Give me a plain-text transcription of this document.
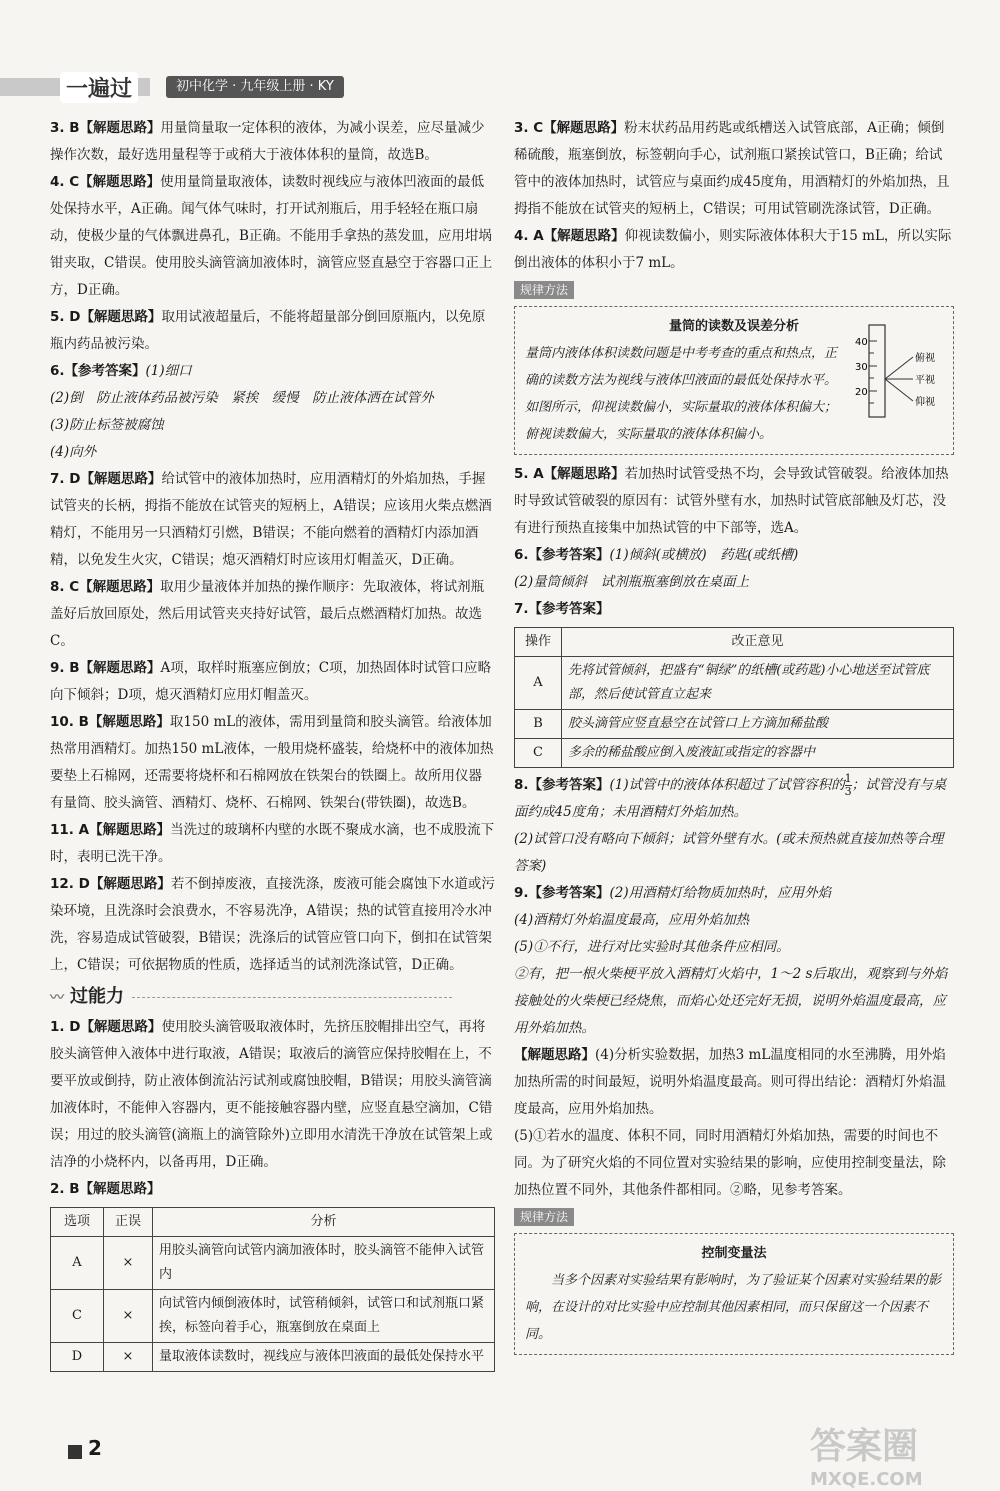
一遍过	初中化学 · 九年级上册 · KY

3. B【解题思路】用量筒量取一定体积的液体，为减小误差，应尽量减少操作次数，最好选用量程等于或稍大于液体体积的量筒，故选B。

4. C【解题思路】使用量筒量取液体，读数时视线应与液体凹液面的最低处保持水平，A正确。闻气体气味时，打开试剂瓶后，用手轻轻在瓶口扇动，使极少量的气体飘进鼻孔，B正确。不能用手拿热的蒸发皿，应用坩埚钳夹取，C错误。使用胶头滴管滴加液体时，滴管应竖直悬空于容器口正上方，D正确。

5. D【解题思路】取用试液超量后，不能将超量部分倒回原瓶内，以免原瓶内药品被污染。

6.【参考答案】(1)细口

(2)倒　防止液体药品被污染　紧挨　缓慢　防止液体洒在试管外

(3)防止标签被腐蚀

(4)向外

7. D【解题思路】给试管中的液体加热时，应用酒精灯的外焰加热，手握试管夹的长柄，拇指不能放在试管夹的短柄上，A错误；应该用火柴点燃酒精灯，不能用另一只酒精灯引燃，B错误；不能向燃着的酒精灯内添加酒精，以免发生火灾，C错误；熄灭酒精灯时应该用灯帽盖灭，D正确。

8. C【解题思路】取用少量液体并加热的操作顺序：先取液体，将试剂瓶盖好后放回原处，然后用试管夹夹持好试管，最后点燃酒精灯加热。故选C。

9. B【解题思路】A项，取样时瓶塞应倒放；C项，加热固体时试管口应略向下倾斜；D项，熄灭酒精灯应用灯帽盖灭。

10. B【解题思路】取150 mL的液体，需用到量筒和胶头滴管。给液体加热常用酒精灯。加热150 mL液体，一般用烧杯盛装，给烧杯中的液体加热要垫上石棉网，还需要将烧杯和石棉网放在铁架台的铁圈上。故所用仪器有量筒、胶头滴管、酒精灯、烧杯、石棉网、铁架台(带铁圈)，故选B。

11. A【解题思路】当洗过的玻璃杯内壁的水既不聚成水滴，也不成股流下时，表明已洗干净。

12. D【解题思路】若不倒掉废液，直接洗涤，废液可能会腐蚀下水道或污染环境，且洗涤时会浪费水，不容易洗净，A错误；热的试管直接用冷水冲洗，容易造成试管破裂，B错误；洗涤后的试管应管口向下，倒扣在试管架上，C错误；可依据物质的性质，选择适当的试剂洗涤试管，D正确。

〰 过能力

1. D【解题思路】使用胶头滴管吸取液体时，先挤压胶帽排出空气，再将胶头滴管伸入液体中进行取液，A错误；取液后的滴管应保持胶帽在上，不要平放或倒持，防止液体倒流沾污试剂或腐蚀胶帽，B错误；用胶头滴管滴加液体时，不能伸入容器内，更不能接触容器内壁，应竖直悬空滴加，C错误；用过的胶头滴管(滴瓶上的滴管除外)立即用水清洗干净放在试管架上或洁净的小烧杯内，以备再用，D正确。

2. B【解题思路】

选项	正误	分析
A	×	用胶头滴管向试管内滴加液体时，胶头滴管不能伸入试管内
C	×	向试管内倾倒液体时，试管稍倾斜，试管口和试剂瓶口紧挨，标签向着手心，瓶塞倒放在桌面上
D	×	量取液体读数时，视线应与液体凹液面的最低处保持水平

3. C【解题思路】粉末状药品用药匙或纸槽送入试管底部，A正确；倾倒稀硫酸，瓶塞倒放，标签朝向手心，试剂瓶口紧挨试管口，B正确；给试管中的液体加热时，试管应与桌面约成45度角，用酒精灯的外焰加热，且拇指不能放在试管夹的短柄上，C错误；可用试管刷洗涤试管，D正确。

4. A【解题思路】仰视读数偏小，则实际液体体积大于15 mL，所以实际倒出液体的体积小于7 mL。

规律方法
量筒的读数及误差分析
量筒内液体体积读数问题是中考考查的重点和热点，正确的读数方法为视线与液体凹液面的最低处保持水平。如图所示，仰视读数偏小，实际量取的液体体积偏大；俯视读数偏大，实际量取的液体体积偏小。
40
30
20
俯视
平视
仰视

5. A【解题思路】若加热时试管受热不均，会导致试管破裂。给液体加热时导致试管破裂的原因有：试管外壁有水，加热时试管底部触及灯芯，没有进行预热直接集中加热试管的中下部等，选A。

6.【参考答案】(1)倾斜(或横放)　药匙(或纸槽)

(2)量筒倾斜　试剂瓶瓶塞倒放在桌面上

7.【参考答案】

操作	改正意见
A	先将试管倾斜，把盛有“铜绿”的纸槽(或药匙)小心地送至试管底部，然后使试管直立起来
B	胶头滴管应竖直悬空在试管口上方滴加稀盐酸
C	多余的稀盐酸应倒入废液缸或指定的容器中

8.【参考答案】(1)试管中的液体体积超过了试管容积的 $\frac{1}{3}$ ；试管没有与桌面约成45度角；未用酒精灯外焰加热。

(2)试管口没有略向下倾斜；试管外壁有水。(或未预热就直接加热等合理答案)

9.【参考答案】(2)用酒精灯给物质加热时，应用外焰

(4)酒精灯外焰温度最高，应用外焰加热

(5)①不行，进行对比实验时其他条件应相同。

②有，把一根火柴梗平放入酒精灯火焰中，1～2 s后取出，观察到与外焰接触处的火柴梗已经烧焦，而焰心处还完好无损，说明外焰温度最高，应用外焰加热。

【解题思路】(4)分析实验数据，加热3 mL温度相同的水至沸腾，用外焰加热所需的时间最短，说明外焰温度最高。则可得出结论：酒精灯外焰温度最高，应用外焰加热。

(5)①若水的温度、体积不同，同时用酒精灯外焰加热，需要的时间也不同。为了研究火焰的不同位置对实验结果的影响，应使用控制变量法，除加热位置不同外，其他条件都相同。②略，见参考答案。

规律方法
控制变量法
当多个因素对实验结果有影响时，为了验证某个因素对实验结果的影响，在设计的对比实验中应控制其他因素相同，而只保留这一个因素不同。
2	答案圈
MXQE.COM
